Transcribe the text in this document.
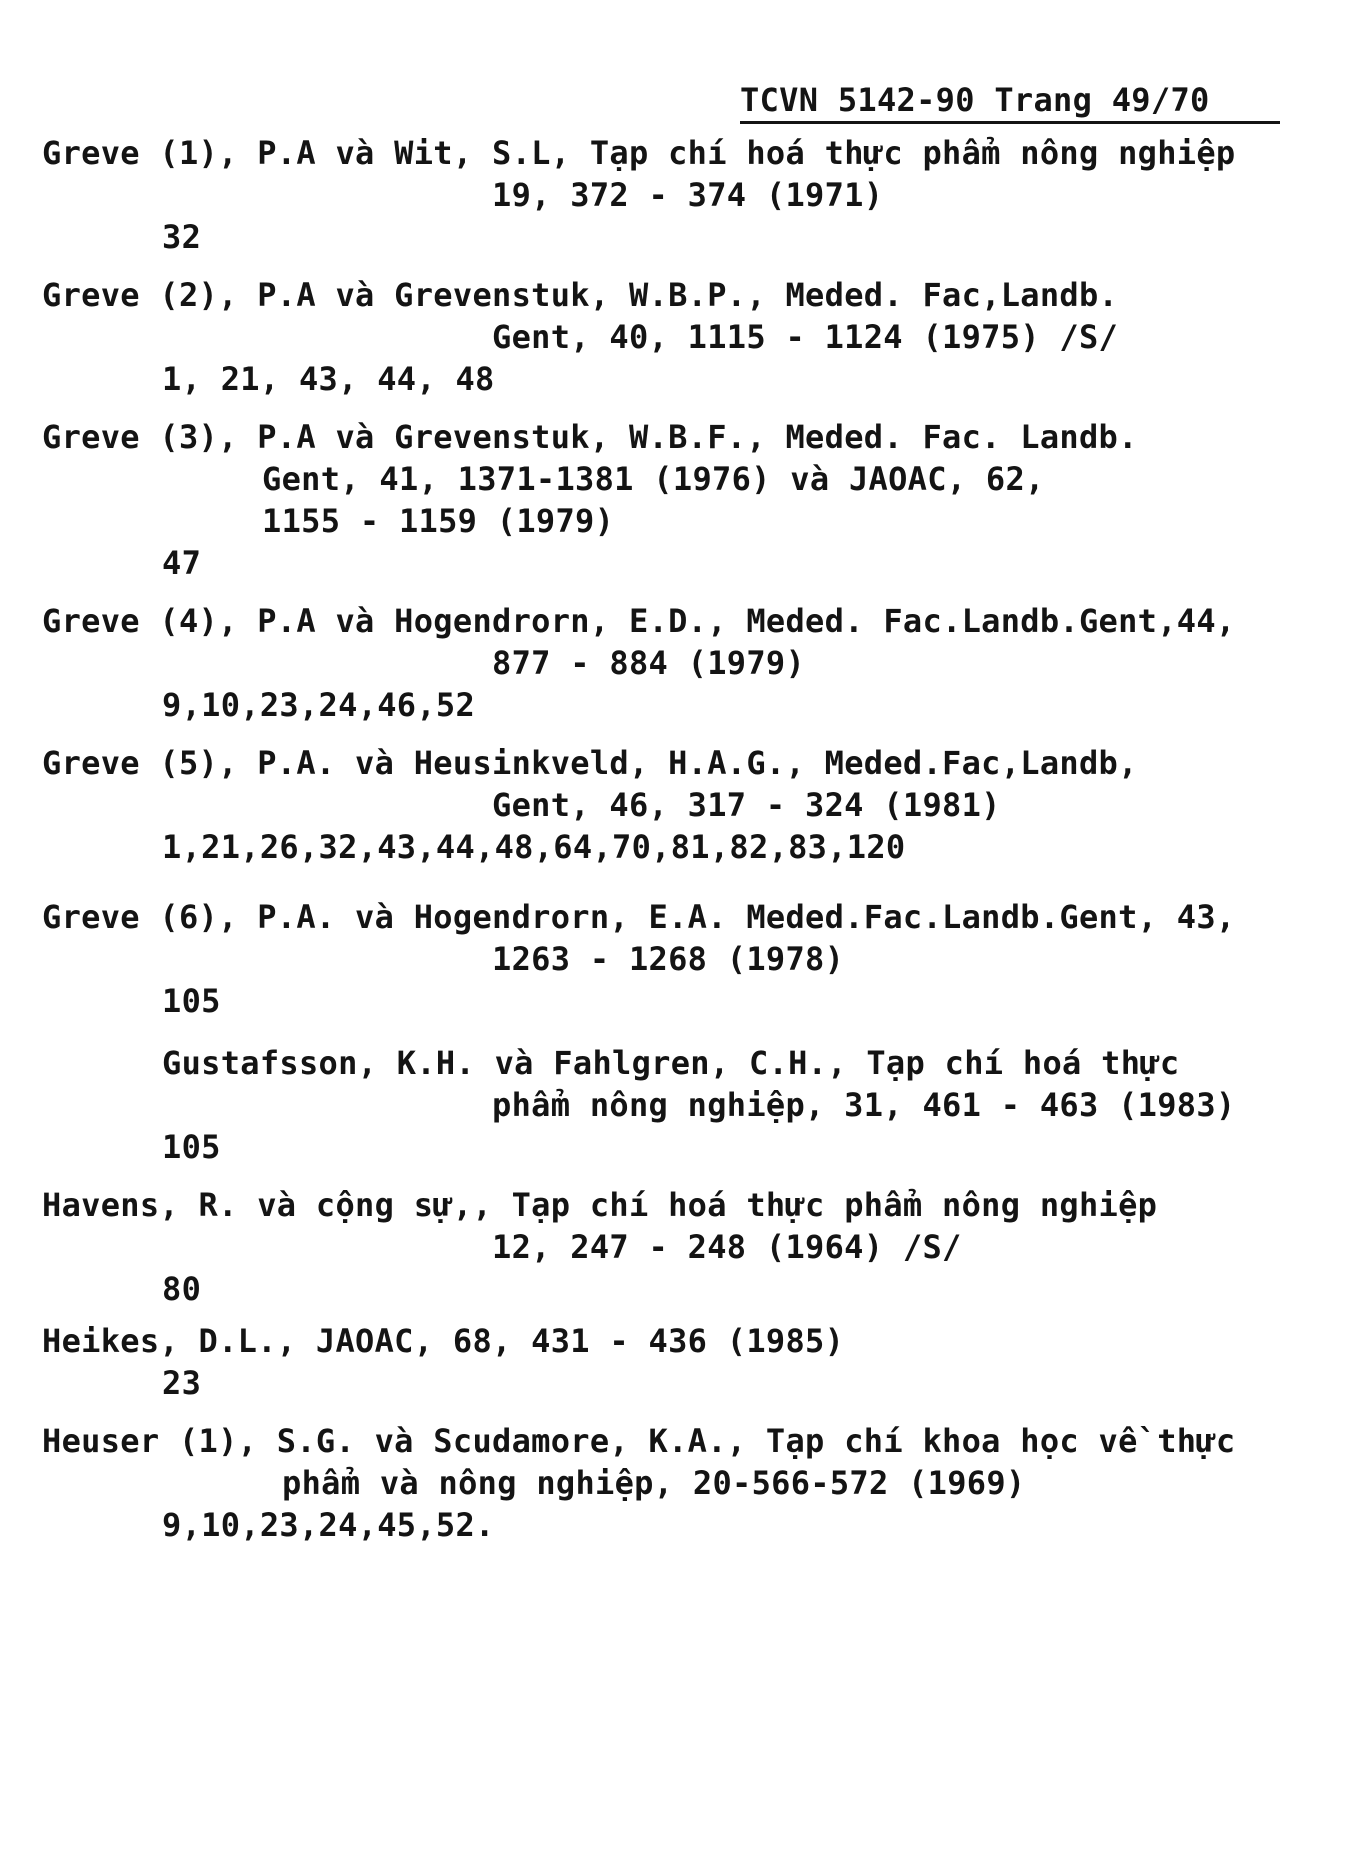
TCVN 5142-90 Trang 49/70
Greve (1), P.A và Wit, S.L, Tạp chí hoá thực phẩm nông nghiệp
19, 372 - 374 (1971)
32
Greve (2), P.A và Grevenstuk, W.B.P., Meded. Fac,Landb.
Gent, 40, 1115 - 1124 (1975) /S/
1, 21, 43, 44, 48
Greve (3), P.A và Grevenstuk, W.B.F., Meded. Fac. Landb.
Gent, 41, 1371-1381 (1976) và JAOAC, 62,
1155 - 1159 (1979)
47
Greve (4), P.A và Hogendrorn, E.D., Meded. Fac.Landb.Gent,44,
877 - 884 (1979)
9,10,23,24,46,52
Greve (5), P.A. và Heusinkveld, H.A.G., Meded.Fac,Landb,
Gent, 46, 317 - 324 (1981)
1,21,26,32,43,44,48,64,70,81,82,83,120
Greve (6), P.A. và Hogendrorn, E.A. Meded.Fac.Landb.Gent, 43,
1263 - 1268 (1978)
105
Gustafsson, K.H. và Fahlgren, C.H., Tạp chí hoá thực
phẩm nông nghiệp, 31, 461 - 463 (1983)
105
Havens, R. và cộng sự,, Tạp chí hoá thực phẩm nông nghiệp
12, 247 - 248 (1964) /S/
80
Heikes, D.L., JAOAC, 68, 431 - 436 (1985)
23
Heuser (1), S.G. và Scudamore, K.A., Tạp chí khoa học về thực
phẩm và nông nghiệp, 20-566-572 (1969)
9,10,23,24,45,52.
